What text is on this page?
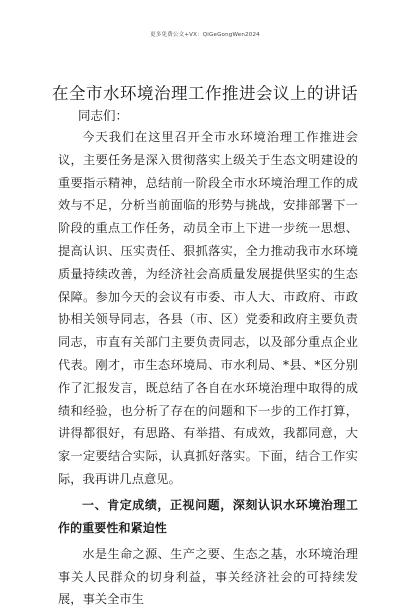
更多免费公文+VX：QiGeGongWen2024
在全市水环境治理工作推进会议上的讲话
同志们：

今天我们在这里召开全市水环境治理工作推进会议，主要任务是深入贯彻落实上级关于生态文明建设的重要指示精神，总结前一阶段全市水环境治理工作的成效与不足，分析当前面临的形势与挑战，安排部署下一阶段的重点工作任务，动员全市上下进一步统一思想、提高认识、压实责任、狠抓落实，全力推动我市水环境质量持续改善，为经济社会高质量发展提供坚实的生态保障。参加今天的会议有市委、市人大、市政府、市政协相关领导同志，各县（市、区）党委和政府主要负责同志，市直有关部门主要负责同志，以及部分重点企业代表。刚才，市生态环境局、市水利局、*县、*区分别作了汇报发言，既总结了各自在水环境治理中取得的成绩和经验，也分析了存在的问题和下一步的工作打算，讲得都很好，有思路、有举措、有成效，我都同意，大家一定要结合实际，认真抓好落实。下面，结合工作实际，我再讲几点意见。

一、肯定成绩，正视问题，深刻认识水环境治理工作的重要性和紧迫性

水是生命之源、生产之要、生态之基，水环境治理事关人民群众的切身利益，事关经济社会的可持续发展，事关全市生
